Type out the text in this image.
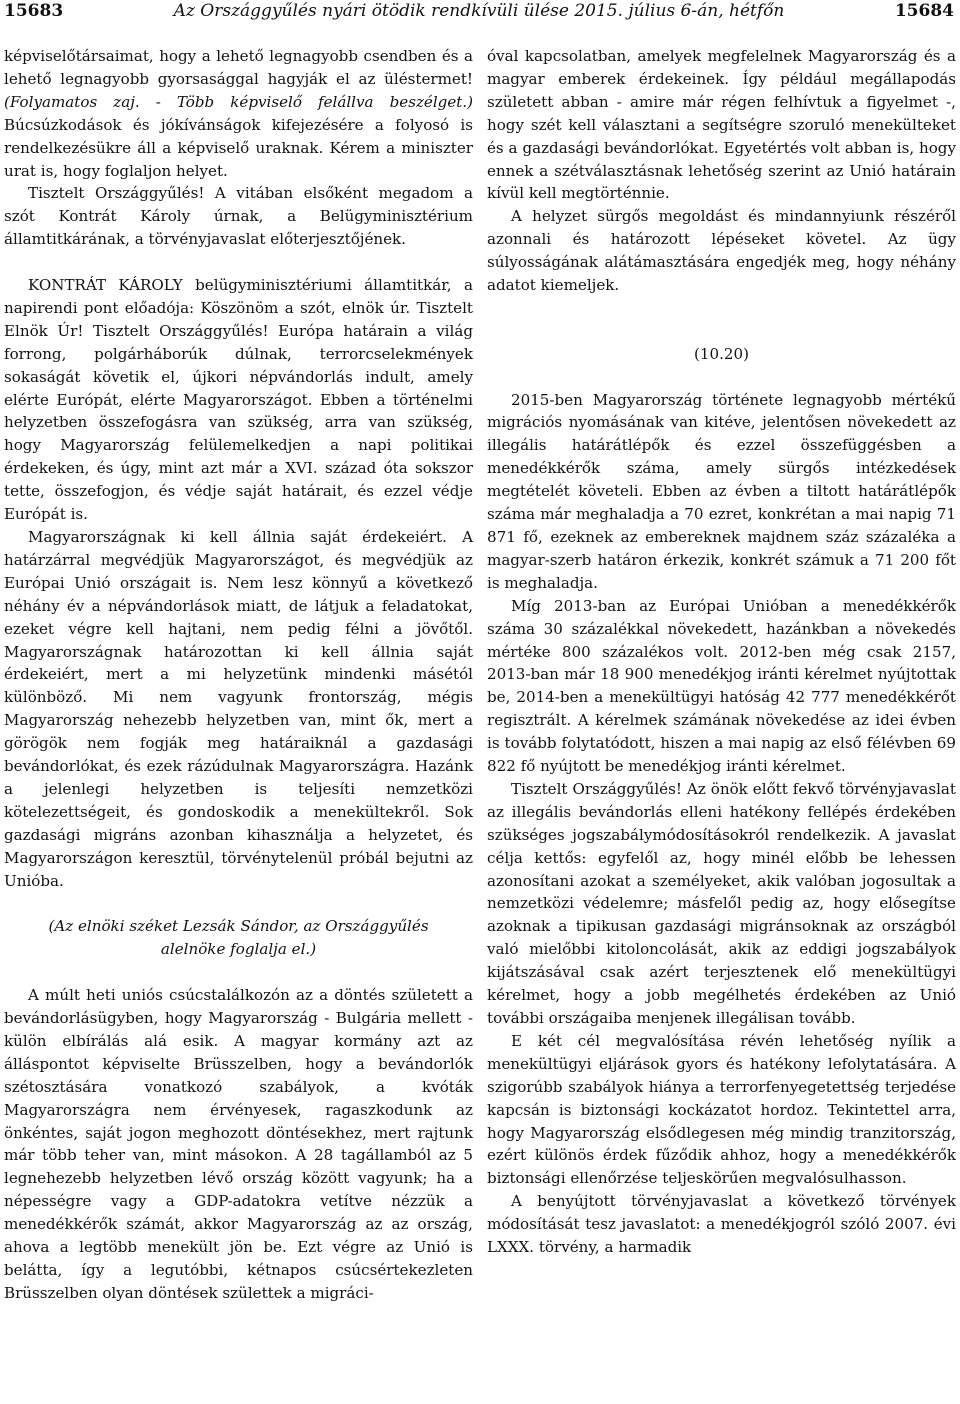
15683	Az Országgyűlés nyári ötödik rendkívüli ülése 2015. július 6-án, hétfőn	15684

képviselőtársaimat, hogy a lehető legnagyobb csendben és a lehető legnagyobb gyorsasággal hagyják el az üléstermet! (Folyamatos zaj. - Több képviselő felállva beszélget.) Búcsúzkodások és jókívánságok kifejezésére a folyosó is rendelkezésükre áll a képviselő uraknak. Kérem a miniszter urat is, hogy foglaljon helyet.

Tisztelt Országgyűlés! A vitában elsőként megadom a szót Kontrát Károly úrnak, a Belügyminisztérium államtitkárának, a törvényjavaslat előterjesztőjének.

KONTRÁT KÁROLY belügyminisztériumi államtitkár, a napirendi pont előadója: Köszönöm a szót, elnök úr. Tisztelt Elnök Úr! Tisztelt Országgyűlés! Európa határain a világ forrong, polgárháborúk dúlnak, terrorcselekmények sokaságát követik el, újkori népvándorlás indult, amely elérte Európát, elérte Magyarországot. Ebben a történelmi helyzetben összefogásra van szükség, arra van szükség, hogy Magyarország felülemelkedjen a napi politikai érdekeken, és úgy, mint azt már a XVI. század óta sokszor tette, összefogjon, és védje saját határait, és ezzel védje Európát is.

Magyarországnak ki kell állnia saját érdekeiért. A határzárral megvédjük Magyarországot, és megvédjük az Európai Unió országait is. Nem lesz könnyű a következő néhány év a népvándorlások miatt, de látjuk a feladatokat, ezeket végre kell hajtani, nem pedig félni a jövőtől. Magyarországnak határozottan ki kell állnia saját érdekeiért, mert a mi helyzetünk mindenki másétól különböző. Mi nem vagyunk frontország, mégis Magyarország nehezebb helyzetben van, mint ők, mert a görögök nem fogják meg határaiknál a gazdasági bevándorlókat, és ezek rázúdulnak Magyarországra. Hazánk a jelenlegi helyzetben is teljesíti nemzetközi kötelezettségeit, és gondoskodik a menekültekről. Sok gazdasági migráns azonban kihasználja a helyzetet, és Magyarországon keresztül, törvénytelenül próbál bejutni az Unióba.

(Az elnöki széket Lezsák Sándor, az Országgyűlés alelnöke foglalja el.)

A múlt heti uniós csúcstalálkozón az a döntés született a bevándorlásügyben, hogy Magyarország - Bulgária mellett - külön elbírálás alá esik. A magyar kormány azt az álláspontot képviselte Brüsszelben, hogy a bevándorlók szétosztására vonatkozó szabályok, a kvóták Magyarországra nem érvényesek, ragaszkodunk az önkéntes, saját jogon meghozott döntésekhez, mert rajtunk már több teher van, mint másokon. A 28 tagállamból az 5 legnehezebb helyzetben lévő ország között vagyunk; ha a népességre vagy a GDP-adatokra vetítve nézzük a menedékkérők számát, akkor Magyarország az az ország, ahova a legtöbb menekült jön be. Ezt végre az Unió is belátta, így a legutóbbi, kétnapos csúcsértekezleten Brüsszelben olyan döntések születtek a migráci-

óval kapcsolatban, amelyek megfelelnek Magyarország és a magyar emberek érdekeinek. Így például megállapodás született abban - amire már régen felhívtuk a figyelmet -, hogy szét kell választani a segítségre szoruló menekülteket és a gazdasági bevándorlókat. Egyetértés volt abban is, hogy ennek a szétválasztásnak lehetőség szerint az Unió határain kívül kell megtörténnie.

A helyzet sürgős megoldást és mindannyiunk részéről azonnali és határozott lépéseket követel. Az ügy súlyosságának alátámasztására engedjék meg, hogy néhány adatot kiemeljek.

(10.20)

2015-ben Magyarország története legnagyobb mértékű migrációs nyomásának van kitéve, jelentősen növekedett az illegális határátlépők és ezzel összefüggésben a menedékkérők száma, amely sürgős intézkedések megtételét követeli. Ebben az évben a tiltott határátlépők száma már meghaladja a 70 ezret, konkrétan a mai napig 71 871 fő, ezeknek az embereknek majdnem száz százaléka a magyar-szerb határon érkezik, konkrét számuk a 71 200 főt is meghaladja.

Míg 2013-ban az Európai Unióban a menedékkérők száma 30 százalékkal növekedett, hazánkban a növekedés mértéke 800 százalékos volt. 2012-ben még csak 2157, 2013-ban már 18 900 menedékjog iránti kérelmet nyújtottak be, 2014-ben a menekültügyi hatóság 42 777 menedékkérőt regisztrált. A kérelmek számának növekedése az idei évben is tovább folytatódott, hiszen a mai napig az első félévben 69 822 fő nyújtott be menedékjog iránti kérelmet.

Tisztelt Országgyűlés! Az önök előtt fekvő törvényjavaslat az illegális bevándorlás elleni hatékony fellépés érdekében szükséges jogszabálymódosításokról rendelkezik. A javaslat célja kettős: egyfelől az, hogy minél előbb be lehessen azonosítani azokat a személyeket, akik valóban jogosultak a nemzetközi védelemre; másfelől pedig az, hogy elősegítse azoknak a tipikusan gazdasági migránsoknak az országból való mielőbbi kitoloncolását, akik az eddigi jogszabályok kijátszásával csak azért terjesztenek elő menekültügyi kérelmet, hogy a jobb megélhetés érdekében az Unió további országaiba menjenek illegálisan tovább.

E két cél megvalósítása révén lehetőség nyílik a menekültügyi eljárások gyors és hatékony lefolytatására. A szigorúbb szabályok hiánya a terrorfenyegetettség terjedése kapcsán is biztonsági kockázatot hordoz. Tekintettel arra, hogy Magyarország elsődlegesen még mindig tranzitország, ezért különös érdek fűződik ahhoz, hogy a menedékkérők biztonsági ellenőrzése teljeskörűen megvalósulhasson.

A benyújtott törvényjavaslat a következő törvények módosítását tesz javaslatot: a menedékjogról szóló 2007. évi LXXX. törvény, a harmadik
